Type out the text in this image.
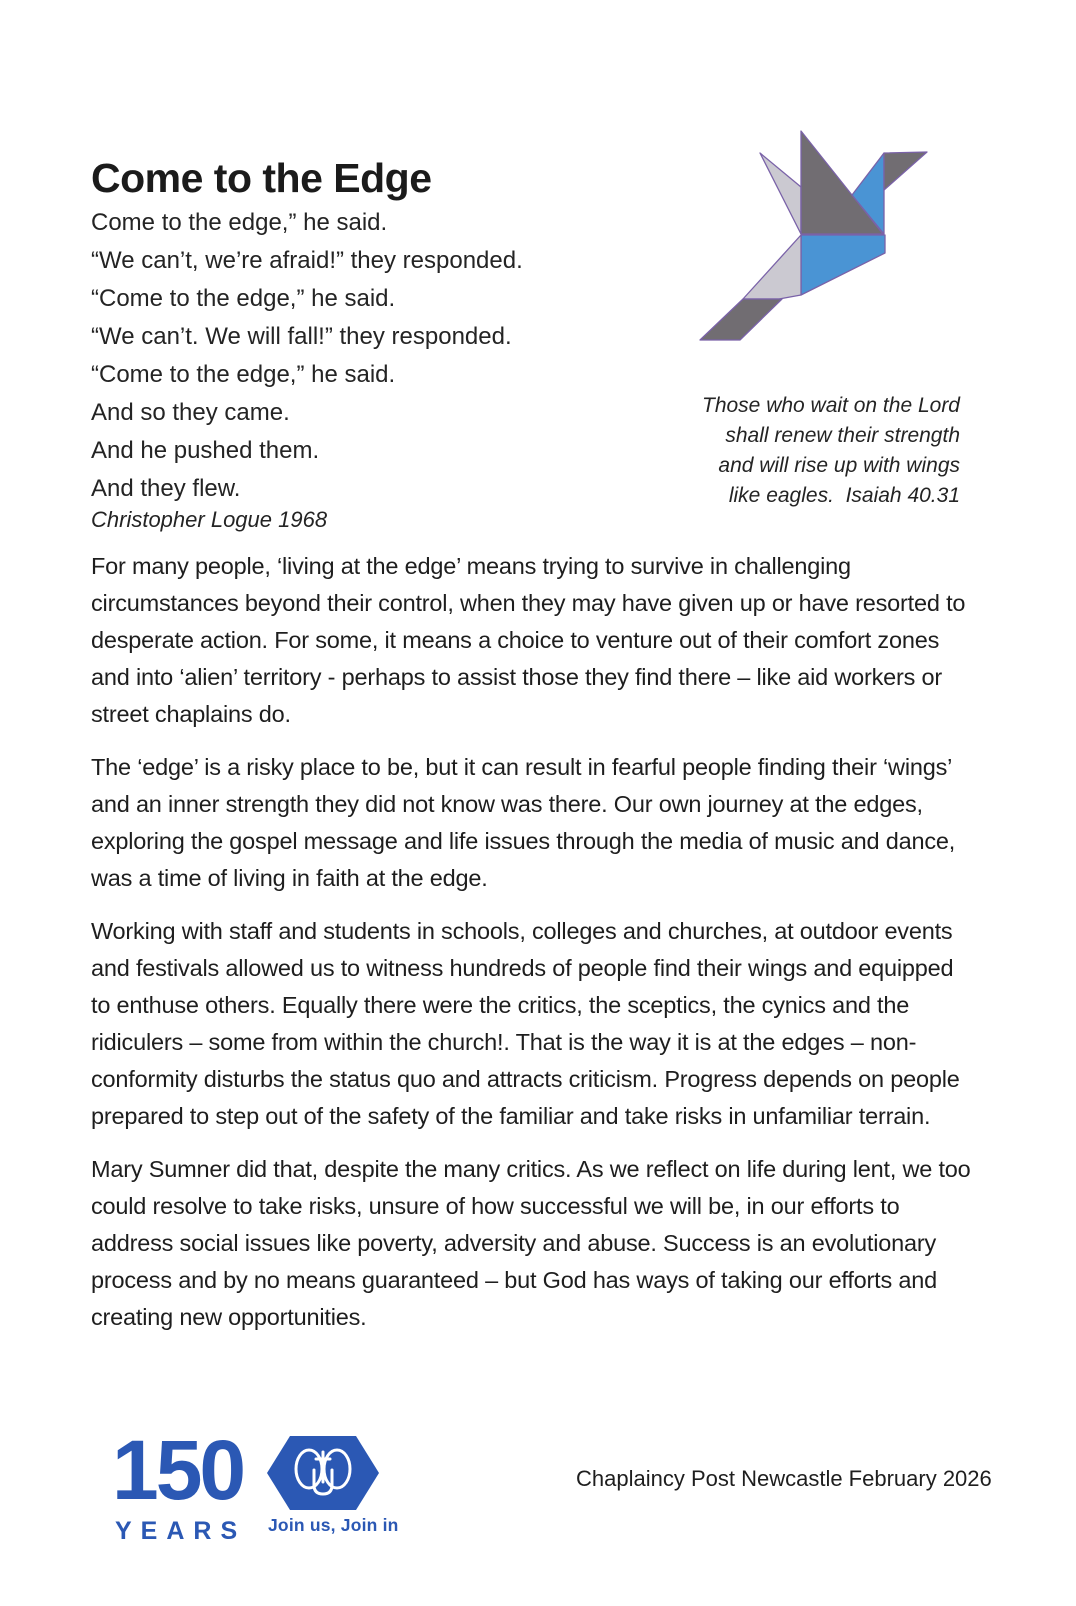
Come to the Edge
Come to the edge,” he said.
“We can’t, we’re afraid!” they responded.
“Come to the edge,” he said.
“We can’t. We will fall!” they responded.
“Come to the edge,” he said.
And so they came.
And he pushed them.
And they flew.
Christopher Logue 1968
Those who wait on the Lord
shall renew their strength
and will rise up with wings
like eagles.  Isaiah 40.31

For many people, ‘living at the edge’ means trying to survive in challenging circumstances beyond their control, when they may have given up or have resorted to desperate action. For some, it means a choice to venture out of their comfort zones and into ‘alien’ territory - perhaps to assist those they find there – like aid workers or street chaplains do.

The ‘edge’ is a risky place to be, but it can result in fearful people finding their ‘wings’ and an inner strength they did not know was there. Our own journey at the edges, exploring the gospel message and life issues through the media of music and dance, was a time of living in faith at the edge.

Working with staff and students in schools, colleges and churches, at outdoor events and festivals allowed us to witness hundreds of people find their wings and equipped to enthuse others. Equally there were the critics, the sceptics, the cynics and the ridiculers – some from within the church!. That is the way it is at the edges – non-conformity disturbs the status quo and attracts criticism. Progress depends on people prepared to step out of the safety of the familiar and take risks in unfamiliar terrain.

Mary Sumner did that, despite the many critics. As we reflect on life during lent, we too could resolve to take risks, unsure of how successful we will be, in our efforts to address social issues like poverty, adversity and abuse. Success is an evolutionary process and by no means guaranteed – but God has ways of taking our efforts and creating new opportunities.

150
YEARS Join us, Join in
Chaplaincy Post Newcastle February 2026
